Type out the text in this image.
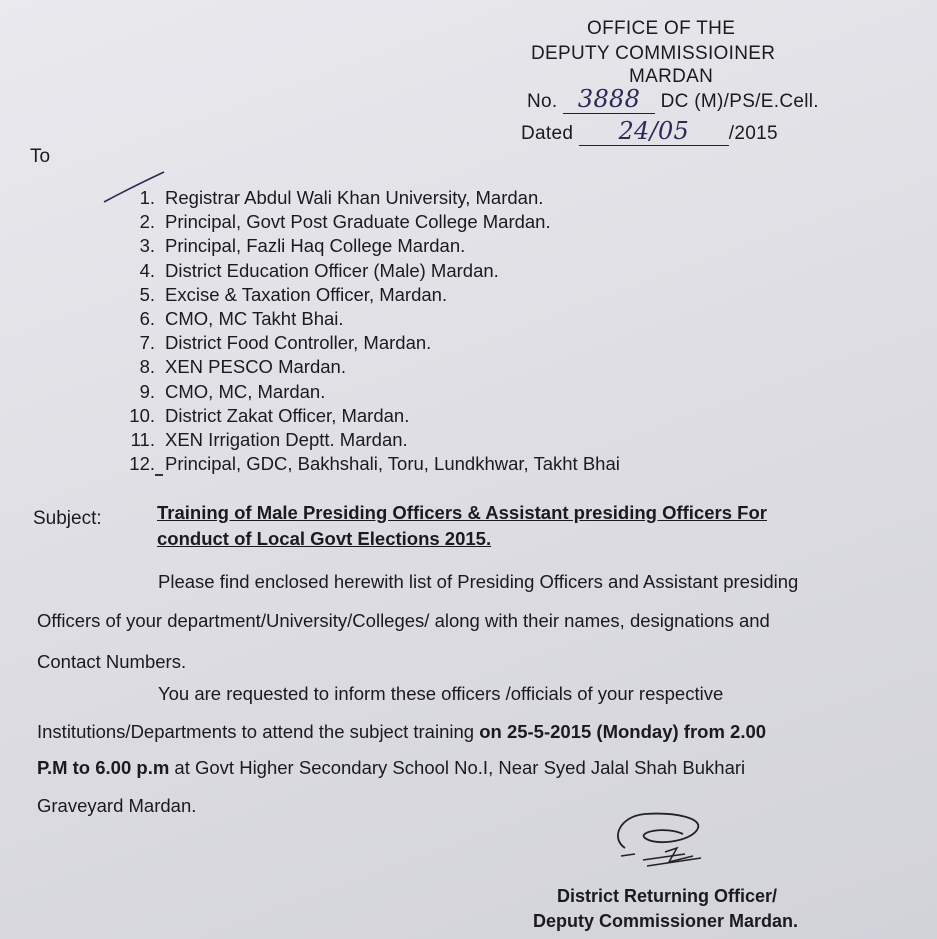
OFFICE OF THE
DEPUTY COMMISSIOINER
MARDAN
No. 3888 DC (M)/PS/E.Cell.
Dated 24/05 /2015
To
1. Registrar Abdul Wali Khan University, Mardan.
2. Principal, Govt Post Graduate College Mardan.
3. Principal, Fazli Haq College Mardan.
4. District Education Officer (Male) Mardan.
5. Excise & Taxation Officer, Mardan.
6. CMO, MC Takht Bhai.
7. District Food Controller, Mardan.
8. XEN PESCO Mardan.
9. CMO, MC, Mardan.
10. District Zakat Officer, Mardan.
11. XEN Irrigation Deptt. Mardan.
12. Principal, GDC, Bakhshali, Toru, Lundkhwar, Takht Bhai
Subject:	Training of Male Presiding Officers & Assistant presiding Officers For
conduct of Local Govt Elections 2015.
Please find enclosed herewith list of Presiding Officers and Assistant presiding
Officers of your department/University/Colleges/ along with their names, designations and
Contact Numbers.
You are requested to inform these officers /officials of your respective
Institutions/Departments to attend the subject training on 25-5-2015 (Monday) from 2.00
P.M to 6.00 p.m at Govt Higher Secondary School No.I, Near Syed Jalal Shah Bukhari
Graveyard Mardan.
District Returning Officer/
Deputy Commissioner Mardan.
